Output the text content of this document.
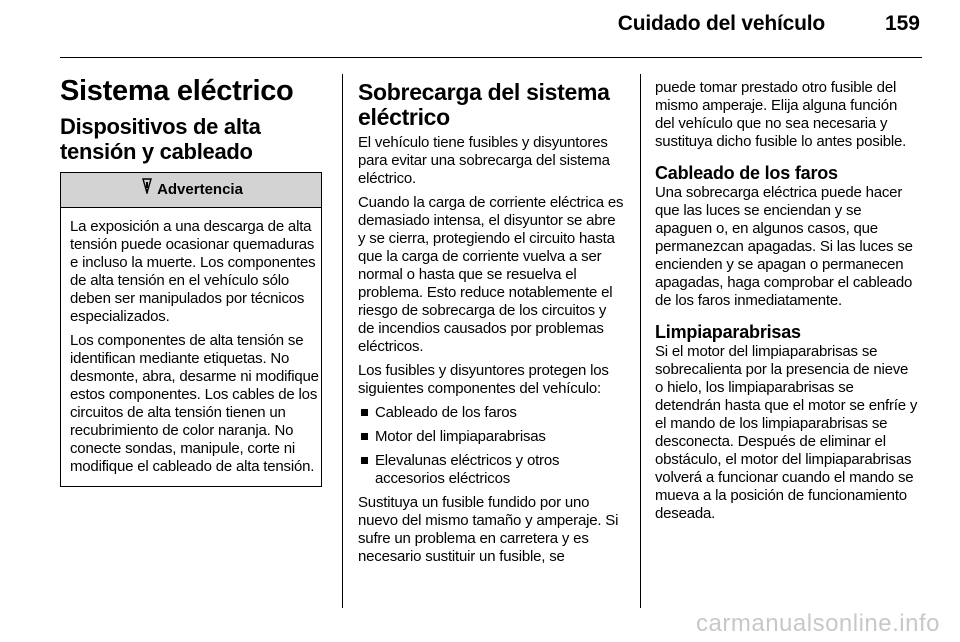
Cuidado del vehículo	159
Sistema eléctrico
Dispositivos de alta
tensión y cableado
Advertencia

La exposición a una descarga de alta tensión puede ocasionar quemaduras e incluso la muerte. Los componentes de alta tensión en el vehículo sólo deben ser manipulados por técnicos especializados.

Los componentes de alta tensión se identifican mediante etiquetas. No desmonte, abra, desarme ni modifique estos componentes. Los cables de los circuitos de alta tensión tienen un recubrimiento de color naranja. No conecte sondas, manipule, corte ni modifique el cableado de alta tensión.

Sobrecarga del sistema eléctrico

El vehículo tiene fusibles y disyuntores para evitar una sobrecarga del sistema eléctrico.

Cuando la carga de corriente eléctrica es demasiado intensa, el disyuntor se abre y se cierra, protegiendo el circuito hasta que la carga de corriente vuelva a ser normal o hasta que se resuelva el problema. Esto reduce notablemente el riesgo de sobrecarga de los circuitos y de incendios causados por problemas eléctricos.

Los fusibles y disyuntores protegen los siguientes componentes del vehículo:

Cableado de los faros
Motor del limpiaparabrisas
Elevalunas eléctricos y otros accesorios eléctricos

Sustituya un fusible fundido por uno nuevo del mismo tamaño y amperaje. Si sufre un problema en carretera y es necesario sustituir un fusible, se

puede tomar prestado otro fusible del mismo amperaje. Elija alguna función del vehículo que no sea necesaria y sustituya dicho fusible lo antes posible.

Cableado de los faros

Una sobrecarga eléctrica puede hacer que las luces se enciendan y se apaguen o, en algunos casos, que permanezcan apagadas. Si las luces se encienden y se apagan o permanecen apagadas, haga comprobar el cableado de los faros inmediatamente.

Limpiaparabrisas

Si el motor del limpiaparabrisas se sobrecalienta por la presencia de nieve o hielo, los limpiaparabrisas se detendrán hasta que el motor se enfríe y el mando de los limpiaparabrisas se desconecta. Después de eliminar el obstáculo, el motor del limpiaparabrisas volverá a funcionar cuando el mando se mueva a la posición de funcionamiento deseada.

carmanualsonline.info
